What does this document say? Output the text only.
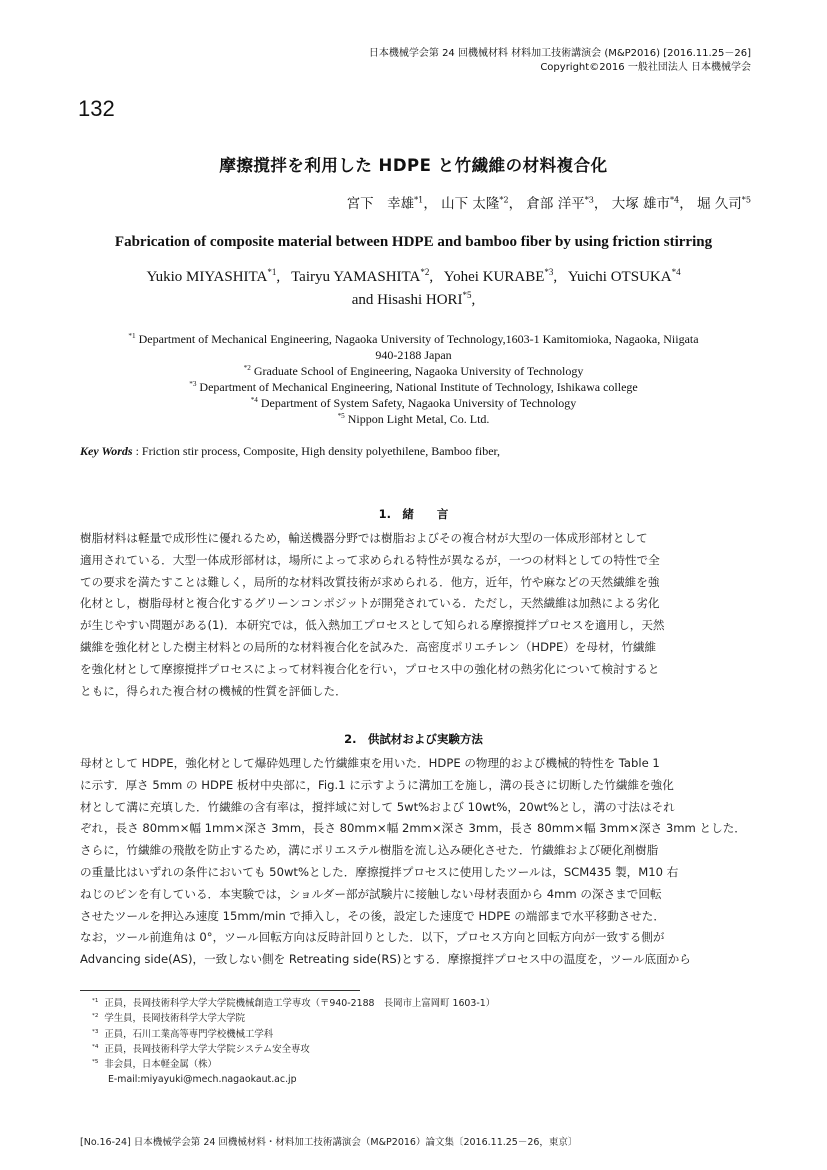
日本機械学会第 24 回機械材料 材料加工技術講演会 (M&P2016) [2016.11.25－26]
Copyright©2016 一般社団法人 日本機械学会
132
摩擦撹拌を利用した HDPE と竹繊維の材料複合化
宮下　幸雄$^{*1}$， 山下 太隆$^{*2}$， 倉部 洋平$^{*3}$， 大塚 雄市$^{*4}$， 堀 久司$^{*5}$
Fabrication of composite material between HDPE and bamboo fiber by using friction stirring
Yukio MIYASHITA$^{*1}$,   Tairyu YAMASHITA$^{*2}$,   Yohei KURABE$^{*3}$,   Yuichi OTSUKA$^{*4}$
and Hisashi HORI$^{*5}$,
$^{*1}$ Department of Mechanical Engineering, Nagaoka University of Technology,1603-1 Kamitomioka, Nagaoka, Niigata
940-2188 Japan
$^{*2}$ Graduate School of Engineering, Nagaoka University of Technology
$^{*3}$ Department of Mechanical Engineering, National Institute of Technology, Ishikawa college
$^{*4}$ Department of System Safety, Nagaoka University of Technology
$^{*5}$ Nippon Light Metal, Co. Ltd.
Key Words : Friction stir process, Composite, High density polyethilene, Bamboo fiber,
1.　緒　　言
樹脂材料は軽量で成形性に優れるため，輸送機器分野では樹脂およびその複合材が大型の一体成形部材として
適用されている．大型一体成形部材は，場所によって求められる特性が異なるが，一つの材料としての特性で全
ての要求を満たすことは難しく，局所的な材料改質技術が求められる．他方，近年，竹や麻などの天然繊維を強
化材とし，樹脂母材と複合化するグリーンコンポジットが開発されている．ただし，天然繊維は加熱による劣化
が生じやすい問題がある(1)．本研究では，低入熱加工プロセスとして知られる摩擦撹拌プロセスを適用し，天然
繊維を強化材とした樹主材料との局所的な材料複合化を試みた．高密度ポリエチレン（HDPE）を母材，竹繊維
を強化材として摩擦撹拌プロセスによって材料複合化を行い，プロセス中の強化材の熱劣化について検討すると
ともに，得られた複合材の機械的性質を評価した．
2.　供試材および実験方法
母材として HDPE，強化材として爆砕処理した竹繊維束を用いた．HDPE の物理的および機械的特性を Table 1
に示す．厚さ 5mm の HDPE 板材中央部に，Fig.1 に示すように溝加工を施し，溝の長さに切断した竹繊維を強化
材として溝に充填した．竹繊維の含有率は，撹拌域に対して 5wt%および 10wt%，20wt%とし，溝の寸法はそれ
ぞれ，長さ 80mm×幅 1mm×深さ 3mm，長さ 80mm×幅 2mm×深さ 3mm，長さ 80mm×幅 3mm×深さ 3mm とした．
さらに，竹繊維の飛散を防止するため，溝にポリエステル樹脂を流し込み硬化させた．竹繊維および硬化剤樹脂
の重量比はいずれの条件においても 50wt%とした．摩擦撹拌プロセスに使用したツールは，SCM435 製，M10 右
ねじのピンを有している．本実験では，ショルダー部が試験片に接触しない母材表面から 4mm の深さまで回転
させたツールを押込み速度 15mm/min で挿入し，その後，設定した速度で HDPE の端部まで水平移動させた．
なお，ツール前進角は 0°，ツール回転方向は反時計回りとした．以下，プロセス方向と回転方向が一致する側が
Advancing side(AS)，一致しない側を Retreating side(RS)とする．摩擦撹拌プロセス中の温度を，ツール底面から
$^{*1}$ 正員，長岡技術科学大学大学院機械創造工学専攻（〒940-2188　長岡市上富岡町 1603-1）
$^{*2}$ 学生員，長岡技術科学大学大学院
$^{*3}$ 正員，石川工業高等専門学校機械工学科
$^{*4}$ 正員，長岡技術科学大学大学院システム安全専攻
$^{*5}$ 非会員，日本軽金属（株）
E-mail:miyayuki@mech.nagaokaut.ac.jp
[No.16-24] 日本機械学会第 24 回機械材料・材料加工技術講演会（M&P2016）論文集〔2016.11.25－26，東京〕
